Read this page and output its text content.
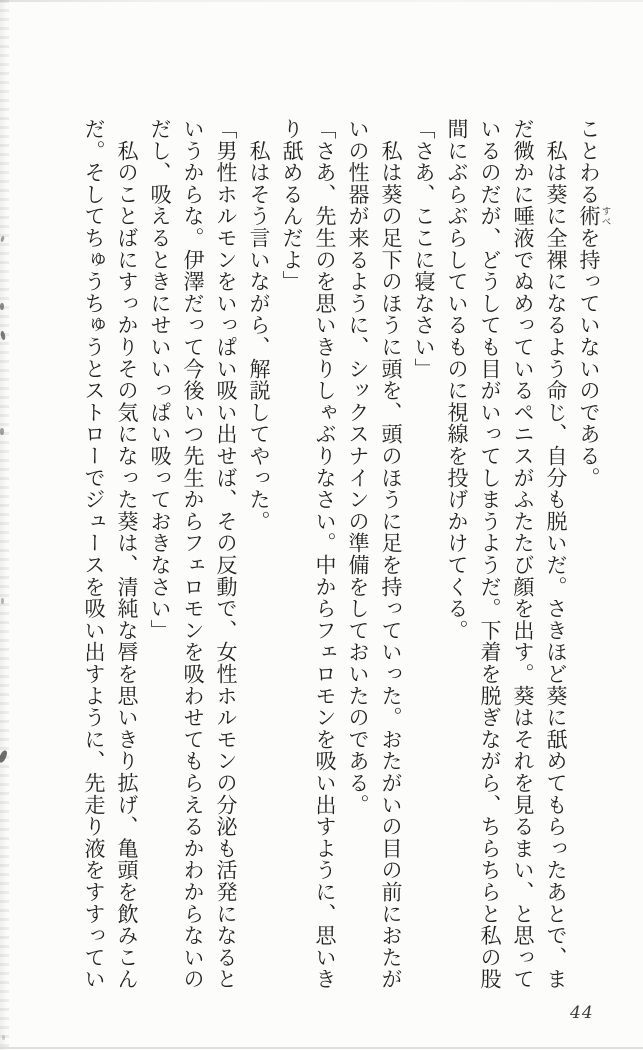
ことわる術すべを持っていないのである。
　私は葵に全裸になるよう命じ、自分も脱いだ。さきほど葵に舐めてもらったあとで、ま
だ微かに唾液でぬめっているペニスがふたたび顔を出す。葵はそれを見るまい、と思って
いるのだが、どうしても目がいってしまうようだ。下着を脱ぎながら、ちらちらと私の股
間にぶらぶらしているものに視線を投げかけてくる。
「さあ、ここに寝なさい」
　私は葵の足下のほうに頭を、頭のほうに足を持っていった。おたがいの目の前におたが
いの性器が来るように、シックスナインの準備をしておいたのである。
「さあ、先生のを思いきりしゃぶりなさい。中からフェロモンを吸い出すように、思いき
り舐めるんだよ」
　私はそう言いながら、解説してやった。
「男性ホルモンをいっぱい吸い出せば、その反動で、女性ホルモンの分泌も活発になると
いうからな。伊澤だって今後いつ先生からフェロモンを吸わせてもらえるかわからないの
だし、吸えるときにせいいっぱい吸っておきなさい」
　私のことばにすっかりその気になった葵は、清純な唇を思いきり拡げ、亀頭を飲みこん
だ。そしてちゅうちゅうとストローでジュースを吸い出すように、先走り液をすすってい
44
